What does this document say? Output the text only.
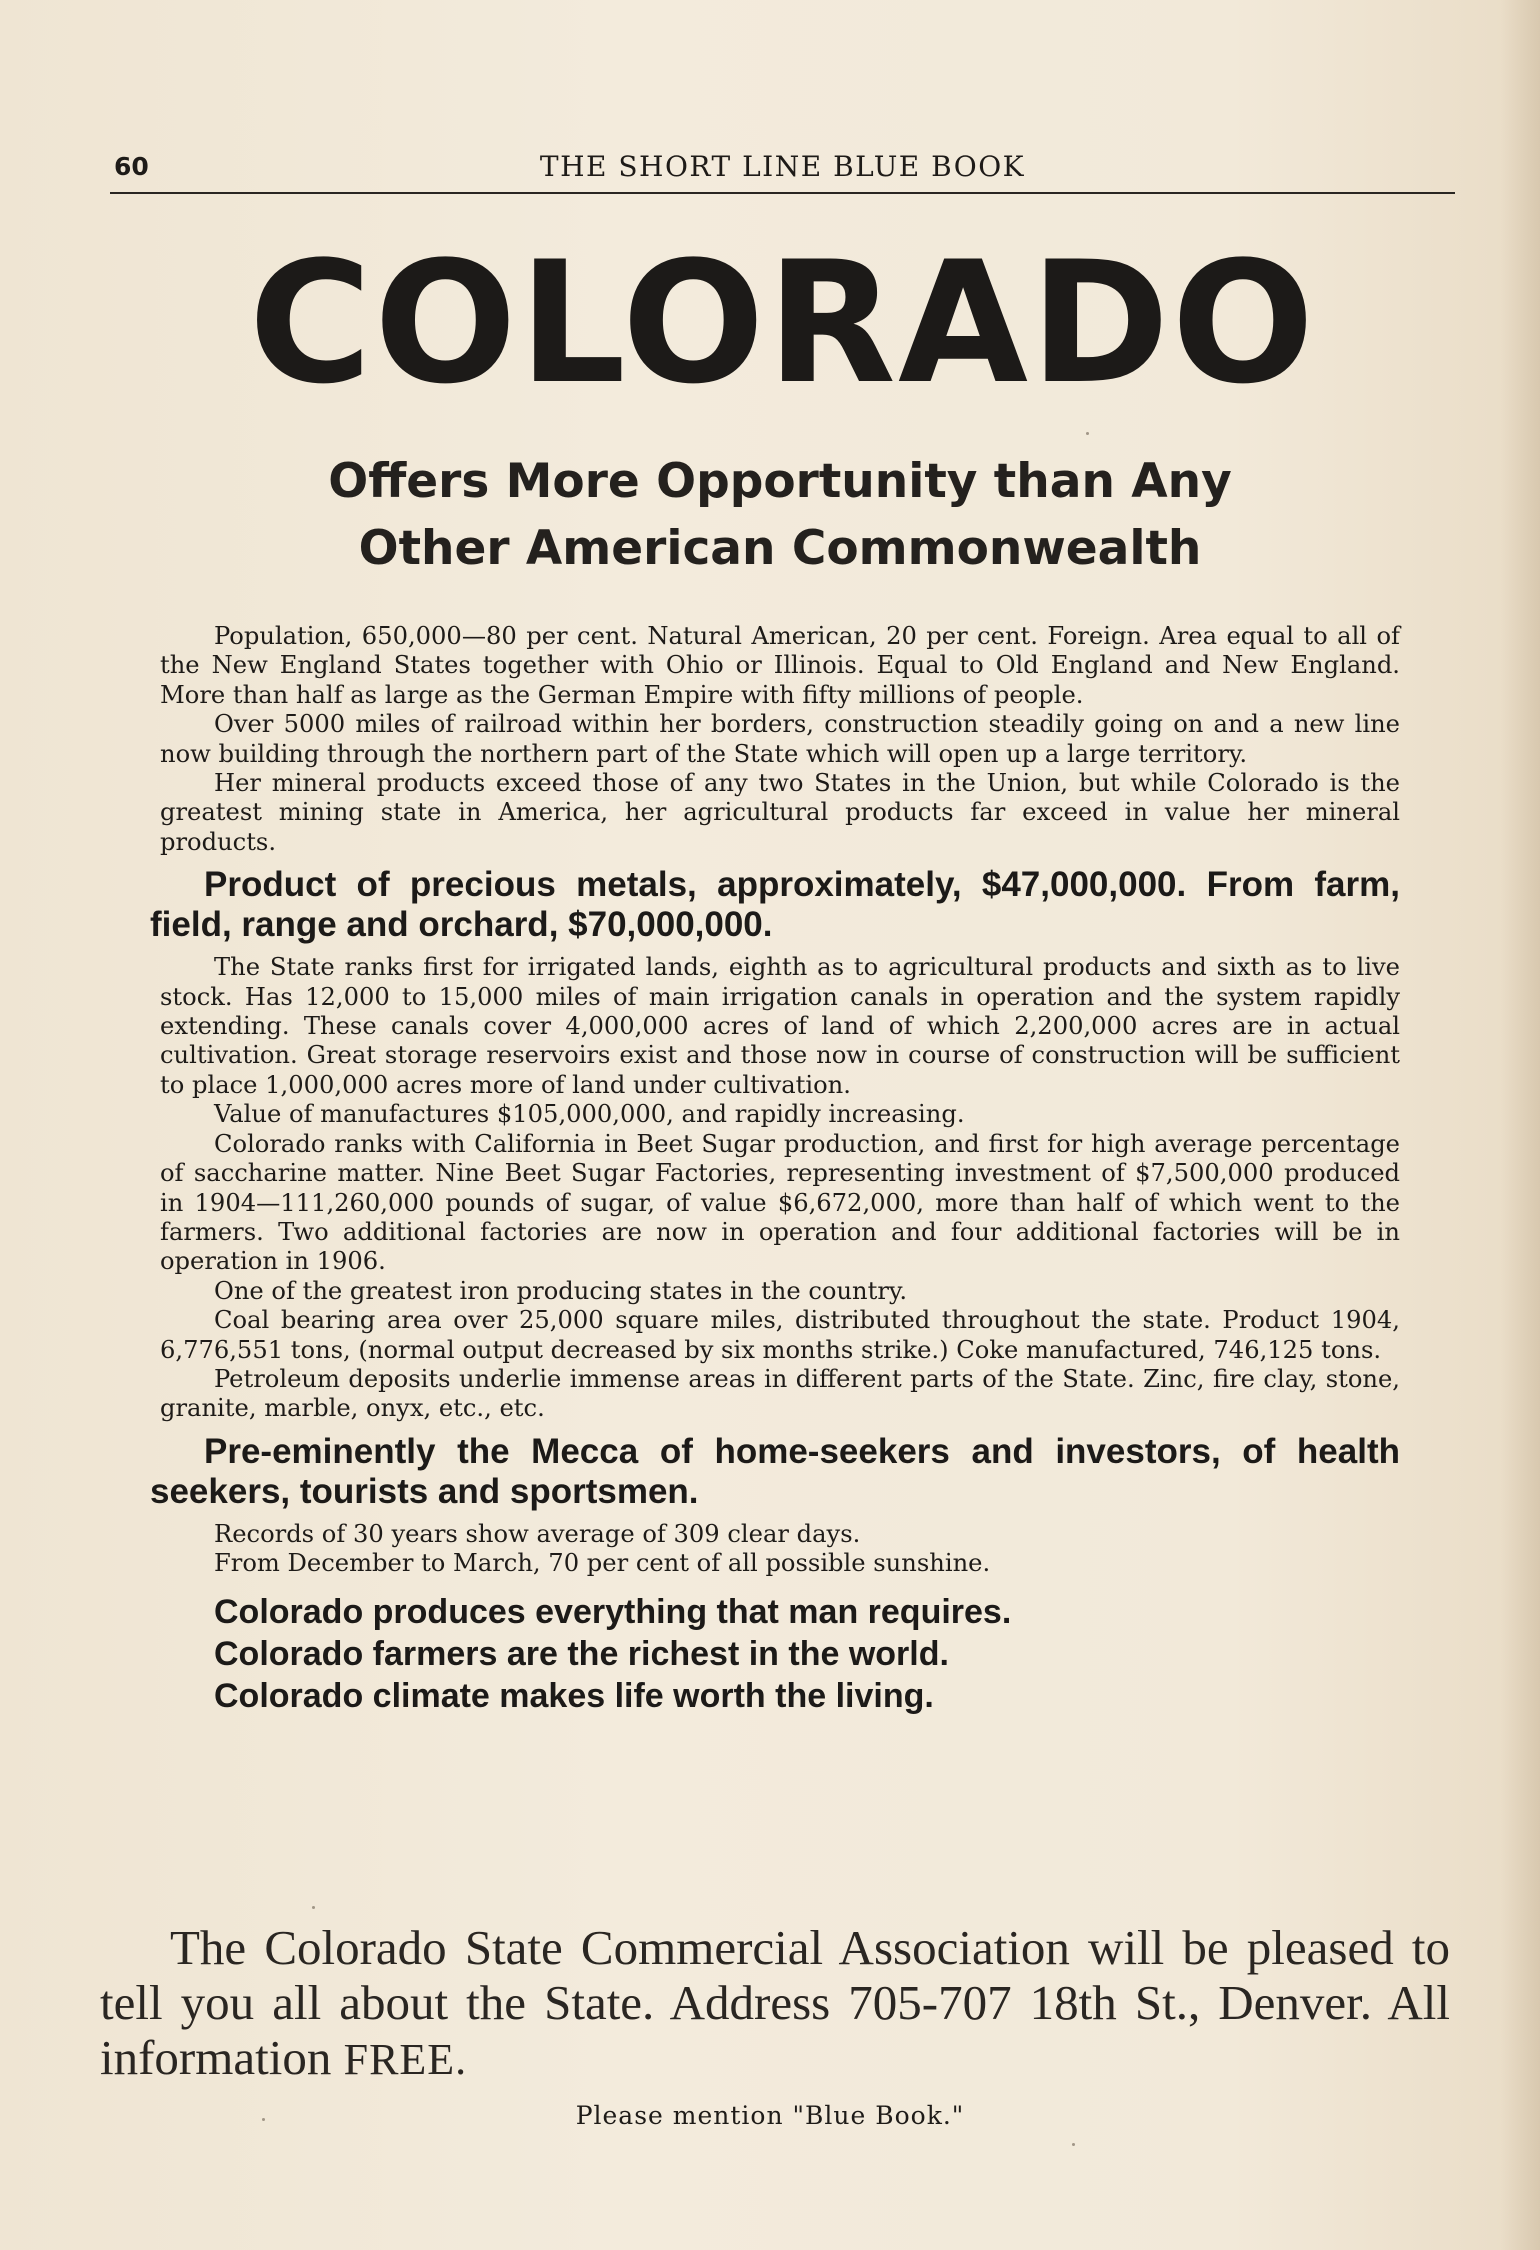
60	THE SHORT LINE BLUE BOOK
COLORADO
Offers More Opportunity than Any
Other American Commonwealth

Population, 650,000—80 per cent. Natural American, 20 per cent. Foreign. Area equal to all of the New England States together with Ohio or Illinois. Equal to Old England and New England. More than half as large as the German Empire with fifty millions of people.

Over 5000 miles of railroad within her borders, construction steadily going on and a new line now building through the northern part of the State which will open up a large territory.

Her mineral products exceed those of any two States in the Union, but while Colorado is the greatest mining state in America, her agricultural products far exceed in value her mineral products.

Product of precious metals, approximately, $47,000,000. From farm, field, range and orchard, $70,000,000.

The State ranks first for irrigated lands, eighth as to agricultural products and sixth as to live stock. Has 12,000 to 15,000 miles of main irrigation canals in operation and the system rapidly extending. These canals cover 4,000,000 acres of land of which 2,200,000 acres are in actual cultivation. Great storage reservoirs exist and those now in course of construction will be sufficient to place 1,000,000 acres more of land under cultivation.

Value of manufactures $105,000,000, and rapidly increasing.

Colorado ranks with California in Beet Sugar production, and first for high average percentage of saccharine matter. Nine Beet Sugar Factories, representing investment of $7,500,000 produced in 1904—111,260,000 pounds of sugar, of value $6,672,000, more than half of which went to the farmers. Two additional factories are now in operation and four additional factories will be in operation in 1906.

One of the greatest iron producing states in the country.

Coal bearing area over 25,000 square miles, distributed throughout the state. Product 1904, 6,776,551 tons, (normal output decreased by six months strike.) Coke manufactured, 746,125 tons.

Petroleum deposits underlie immense areas in different parts of the State. Zinc, fire clay, stone, granite, marble, onyx, etc., etc.

Pre-eminently the Mecca of home-seekers and investors, of health seekers, tourists and sportsmen.

Records of 30 years show average of 309 clear days.

From December to March, 70 per cent of all possible sunshine.

Colorado produces everything that man requires.

Colorado farmers are the richest in the world.

Colorado climate makes life worth the living.

The Colorado State Commercial Association will be pleased to tell you all about the State. Address 705-707 18th St., Denver. All information FREE.
Please mention "Blue Book."
